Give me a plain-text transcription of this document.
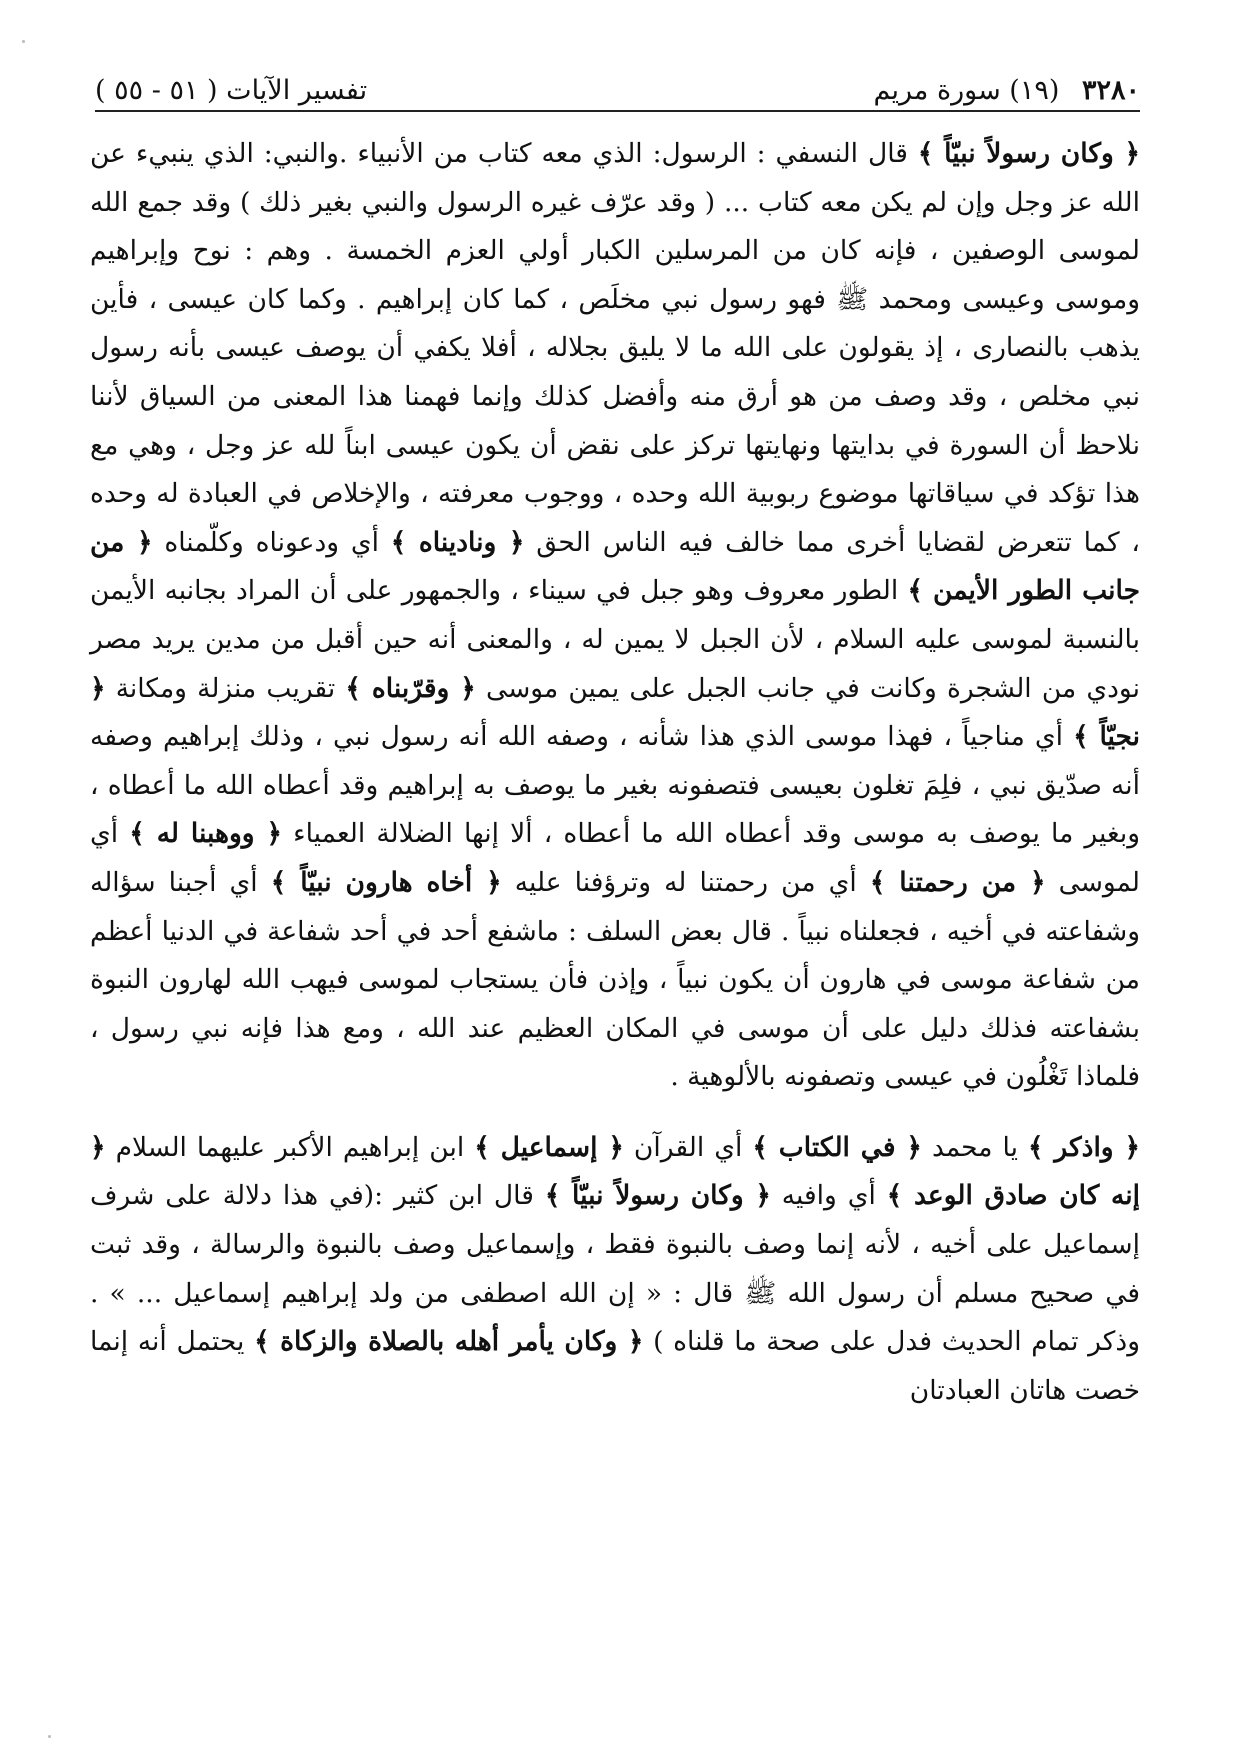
٣٢٨٠ (١٩) سورة مريم
تفسير الآيات ( ٥١ - ٥٥ )

﴿ وكان رسولاً نبيّاً ﴾ قال النسفي : الرسول: الذي معه كتاب من الأنبياء .والنبي: الذي ينبيء عن الله عز وجل وإن لم يكن معه كتاب ... ( وقد عرّف غيره الرسول والنبي بغير ذلك ) وقد جمع الله لموسى الوصفين ، فإنه كان من المرسلين الكبار أولي العزم الخمسة . وهم : نوح وإبراهيم وموسى وعيسى ومحمد ﷺ فهو رسول نبي مخلَص ، كما كان إبراهيم . وكما كان عيسى ، فأين يذهب بالنصارى ، إذ يقولون على الله ما لا يليق بجلاله ، أفلا يكفي أن يوصف عيسى بأنه رسول نبي مخلص ، وقد وصف من هو أرق منه وأفضل كذلك وإنما فهمنا هذا المعنى من السياق لأننا نلاحظ أن السورة في بدايتها ونهايتها تركز على نقض أن يكون عيسى ابناً لله عز وجل ، وهي مع هذا تؤكد في سياقاتها موضوع ربوبية الله وحده ، ووجوب معرفته ، والإخلاص في العبادة له وحده ، كما تتعرض لقضايا أخرى مما خالف فيه الناس الحق ﴿ وناديناه ﴾ أي ودعوناه وكلّمناه ﴿ من جانب الطور الأيمن ﴾ الطور معروف وهو جبل في سيناء ، والجمهور على أن المراد بجانبه الأيمن بالنسبة لموسى عليه السلام ، لأن الجبل لا يمين له ، والمعنى أنه حين أقبل من مدين يريد مصر نودي من الشجرة وكانت في جانب الجبل على يمين موسى ﴿ وقرّبناه ﴾ تقريب منزلة ومكانة ﴿ نجيّاً ﴾ أي مناجياً ، فهذا موسى الذي هذا شأنه ، وصفه الله أنه رسول نبي ، وذلك إبراهيم وصفه أنه صدّيق نبي ، فلِمَ تغلون بعيسى فتصفونه بغير ما يوصف به إبراهيم وقد أعطاه الله ما أعطاه ، وبغير ما يوصف به موسى وقد أعطاه الله ما أعطاه ، ألا إنها الضلالة العمياء ﴿ ووهبنا له ﴾ أي لموسى ﴿ من رحمتنا ﴾ أي من رحمتنا له وترؤفنا عليه ﴿ أخاه هارون نبيّاً ﴾ أي أجبنا سؤاله وشفاعته في أخيه ، فجعلناه نبياً . قال بعض السلف : ماشفع أحد في أحد شفاعة في الدنيا أعظم من شفاعة موسى في هارون أن يكون نبياً ، وإذن فأن يستجاب لموسى فيهب الله لهارون النبوة بشفاعته فذلك دليل على أن موسى في المكان العظيم عند الله ، ومع هذا فإنه نبي رسول ، فلماذا تَغْلُون في عيسى وتصفونه بالألوهية .

﴿ واذكر ﴾ يا محمد ﴿ في الكتاب ﴾ أي القرآن ﴿ إسماعيل ﴾ ابن إبراهيم الأكبر عليهما السلام ﴿ إنه كان صادق الوعد ﴾ أي وافيه ﴿ وكان رسولاً نبيّاً ﴾ قال ابن كثير :(في هذا دلالة على شرف إسماعيل على أخيه ، لأنه إنما وصف بالنبوة فقط ، وإسماعيل وصف بالنبوة والرسالة ، وقد ثبت في صحيح مسلم أن رسول الله ﷺ قال : « إن الله اصطفى من ولد إبراهيم إسماعيل ... » . وذكر تمام الحديث فدل على صحة ما قلناه ) ﴿ وكان يأمر أهله بالصلاة والزكاة ﴾ يحتمل أنه إنما خصت هاتان العبادتان
